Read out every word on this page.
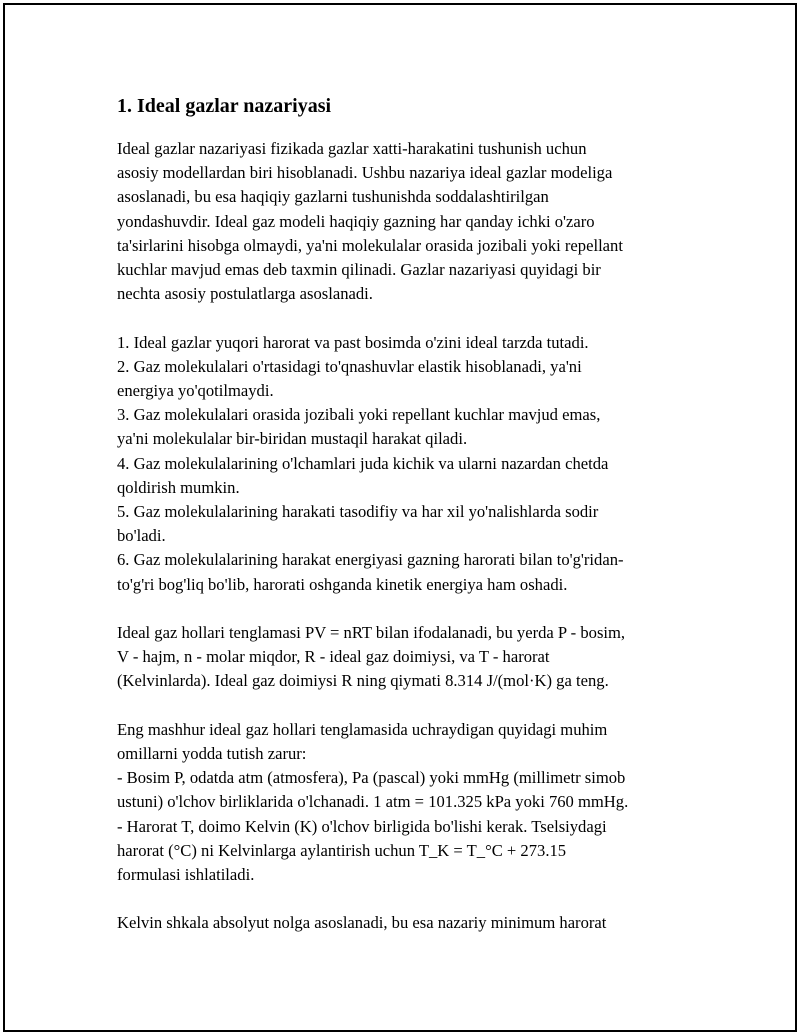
1. Ideal gazlar nazariyasi
Ideal gazlar nazariyasi fizikada gazlar xatti-harakatini tushunish uchun
asosiy modellardan biri hisoblanadi. Ushbu nazariya ideal gazlar modeliga
asoslanadi, bu esa haqiqiy gazlarni tushunishda soddalashtirilgan
yondashuvdir. Ideal gaz modeli haqiqiy gazning har qanday ichki o'zaro
ta'sirlarini hisobga olmaydi, ya'ni molekulalar orasida jozibali yoki repellant
kuchlar mavjud emas deb taxmin qilinadi. Gazlar nazariyasi quyidagi bir
nechta asosiy postulatlarga asoslanadi.
1. Ideal gazlar yuqori harorat va past bosimda o'zini ideal tarzda tutadi.
2. Gaz molekulalari o'rtasidagi to'qnashuvlar elastik hisoblanadi, ya'ni
energiya yo'qotilmaydi.
3. Gaz molekulalari orasida jozibali yoki repellant kuchlar mavjud emas,
ya'ni molekulalar bir-biridan mustaqil harakat qiladi.
4. Gaz molekulalarining o'lchamlari juda kichik va ularni nazardan chetda
qoldirish mumkin.
5. Gaz molekulalarining harakati tasodifiy va har xil yo'nalishlarda sodir
bo'ladi.
6. Gaz molekulalarining harakat energiyasi gazning harorati bilan to'g'ridan-
to'g'ri bog'liq bo'lib, harorati oshganda kinetik energiya ham oshadi.
Ideal gaz hollari tenglamasi PV = nRT bilan ifodalanadi, bu yerda P - bosim,
V - hajm, n - molar miqdor, R - ideal gaz doimiysi, va T - harorat
(Kelvinlarda). Ideal gaz doimiysi R ning qiymati 8.314 J/(mol·K) ga teng.
Eng mashhur ideal gaz hollari tenglamasida uchraydigan quyidagi muhim
omillarni yodda tutish zarur:
- Bosim P, odatda atm (atmosfera), Pa (pascal) yoki mmHg (millimetr simob
ustuni) o'lchov birliklarida o'lchanadi. 1 atm = 101.325 kPa yoki 760 mmHg.
- Harorat T, doimo Kelvin (K) o'lchov birligida bo'lishi kerak. Tselsiydagi
harorat (°C) ni Kelvinlarga aylantirish uchun T_K = T_°C + 273.15
formulasi ishlatiladi.
Kelvin shkala absolyut nolga asoslanadi, bu esa nazariy minimum harorat
